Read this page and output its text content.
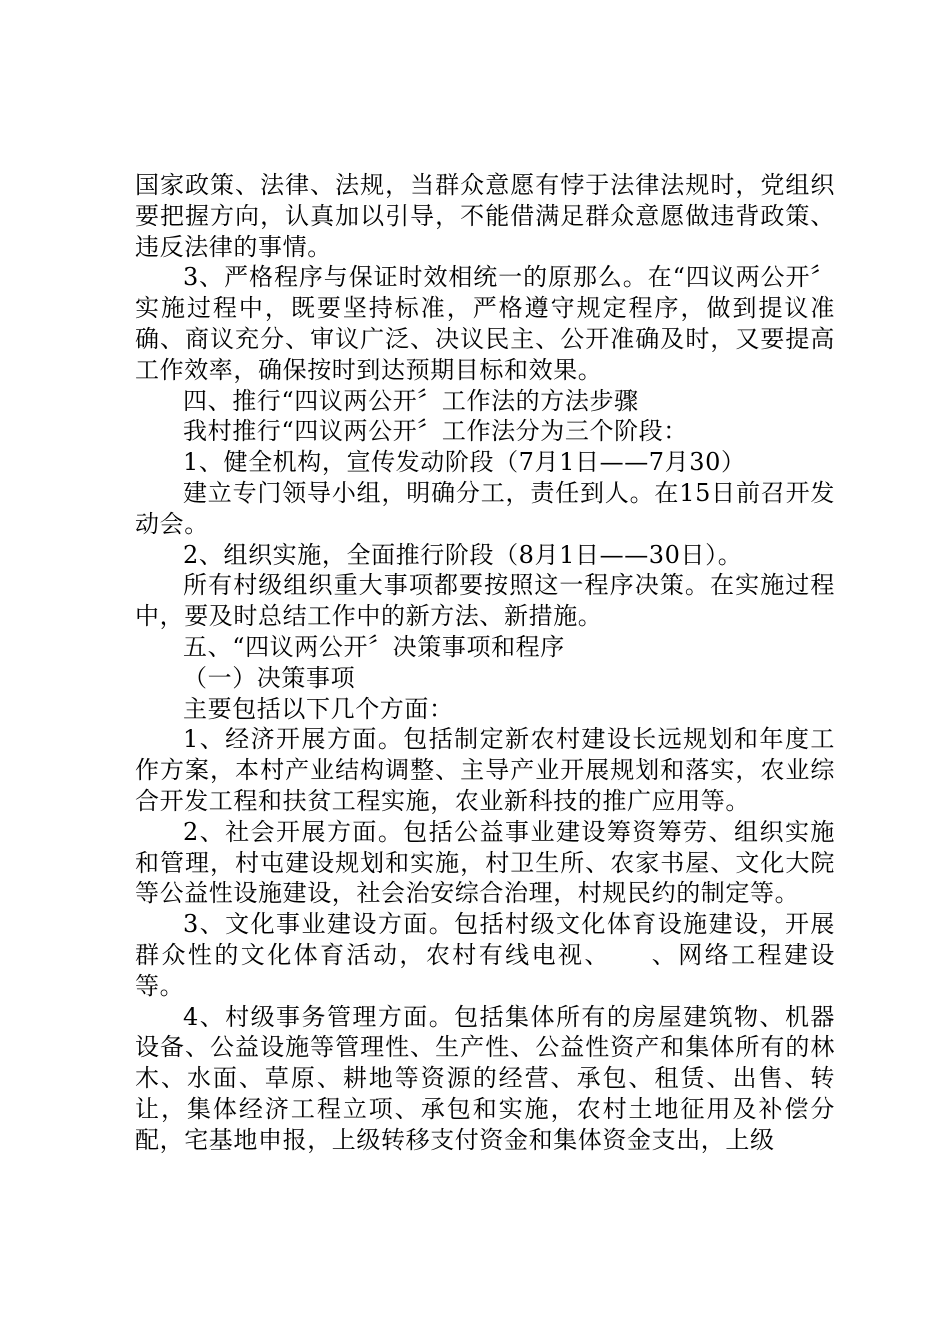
国家政策、法律、法规，当群众意愿有悖于法律法规时，党组织要把握方向，认真加以引导，不能借满足群众意愿做违背政策、违反法律的事情。

3、严格程序与保证时效相统一的原那么。在“四议两公开〞实施过程中，既要坚持标准，严格遵守规定程序，做到提议准确、商议充分、审议广泛、决议民主、公开准确及时，又要提高工作效率，确保按时到达预期目标和效果。

四、推行“四议两公开〞工作法的方法步骤

我村推行“四议两公开〞工作法分为三个阶段：

1、健全机构，宣传发动阶段（7月1日——7月30）

建立专门领导小组，明确分工，责任到人。在15日前召开发动会。

2、组织实施，全面推行阶段（8月1日——30日）。

所有村级组织重大事项都要按照这一程序决策。在实施过程中，要及时总结工作中的新方法、新措施。

五、“四议两公开〞决策事项和程序

（一）决策事项

主要包括以下几个方面：

1、经济开展方面。包括制定新农村建设长远规划和年度工作方案，本村产业结构调整、主导产业开展规划和落实，农业综合开发工程和扶贫工程实施，农业新科技的推广应用等。

2、社会开展方面。包括公益事业建设筹资筹劳、组织实施和管理，村屯建设规划和实施，村卫生所、农家书屋、文化大院等公益性设施建设，社会治安综合治理，村规民约的制定等。

3、文化事业建设方面。包括村级文化体育设施建设，开展群众性的文化体育活动，农村有线电视、　　、网络工程建设等。

4、村级事务管理方面。包括集体所有的房屋建筑物、机器设备、公益设施等管理性、生产性、公益性资产和集体所有的林木、水面、草原、耕地等资源的经营、承包、租赁、出售、转让，集体经济工程立项、承包和实施，农村土地征用及补偿分配，宅基地申报，上级转移支付资金和集体资金支出，上级
